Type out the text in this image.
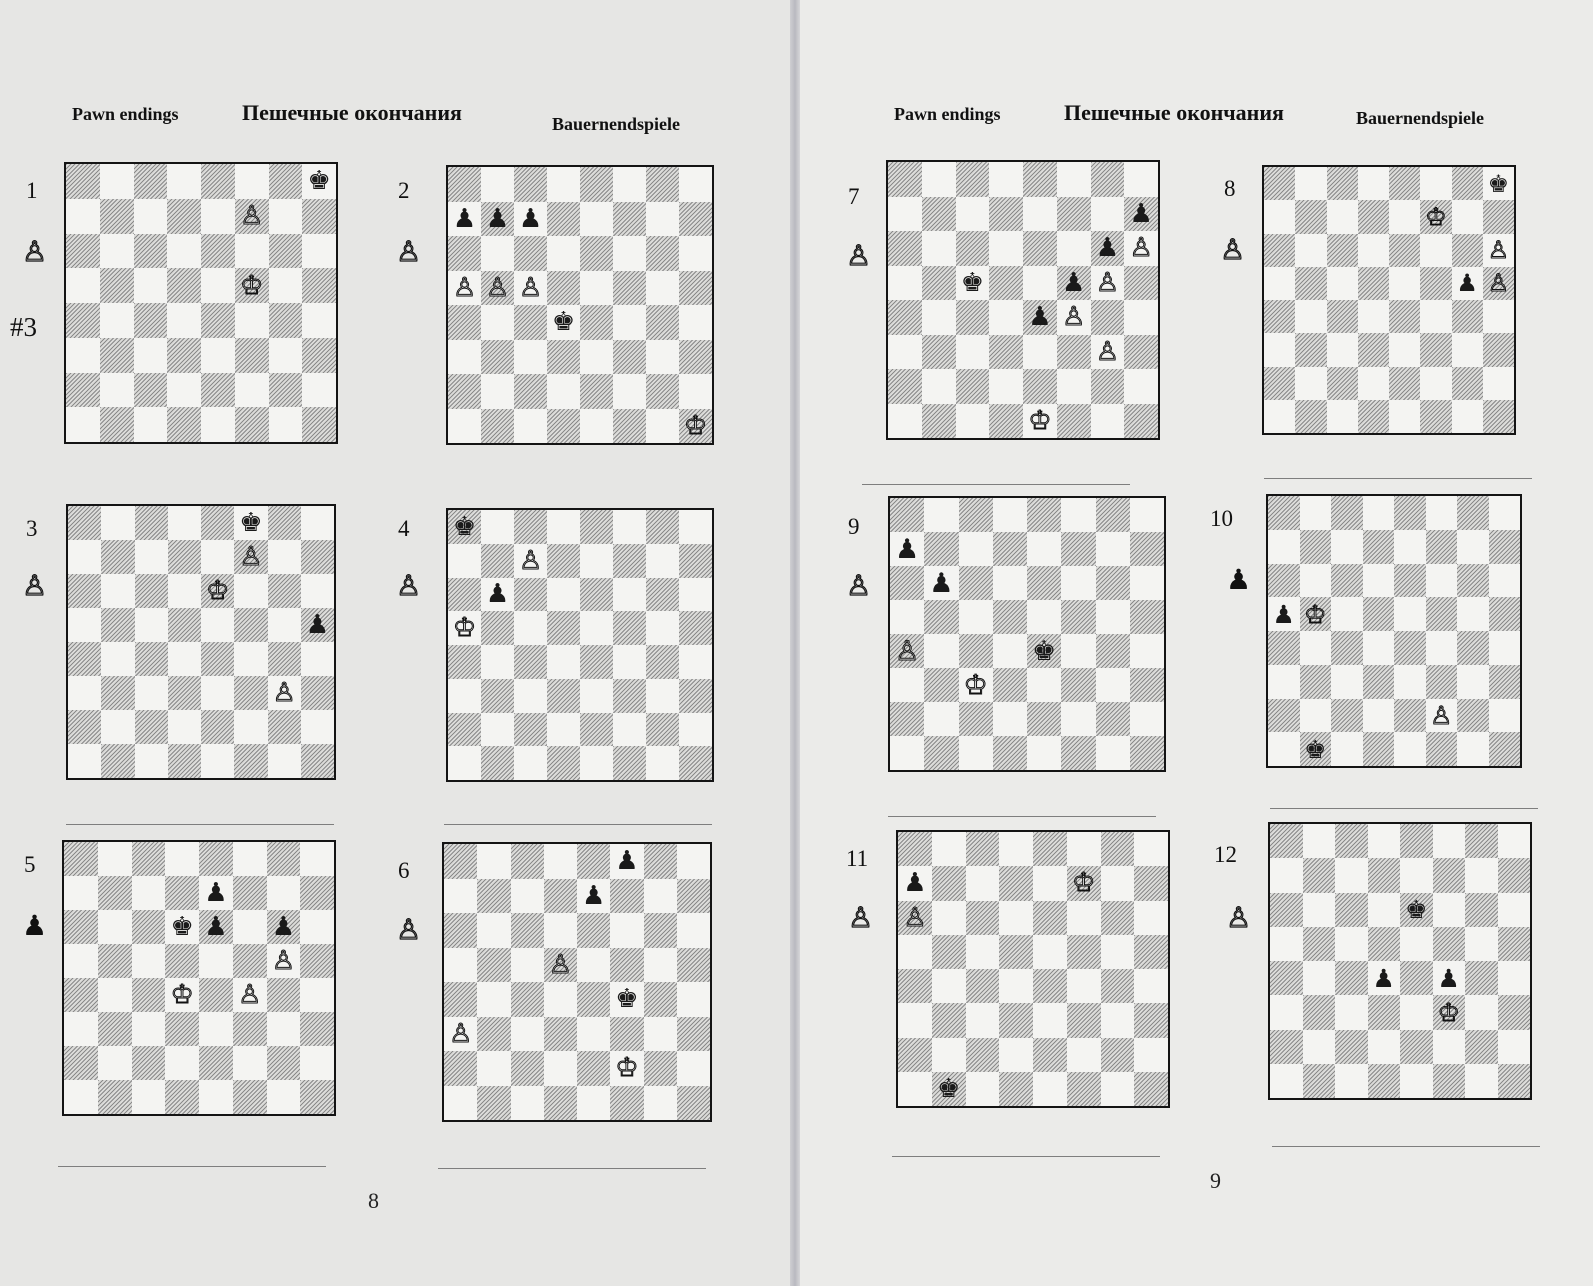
Pawn endings	Пешечные окончания	Bauernendspiele
1
♙
#3
♚
♙
♔
2
♙
♟ ♟ ♟
♙ ♙ ♙
♚
♔
3
♙
♚
♙
♔
♟
♙
4
♙
♚
♙
♟
♔
5
♟
♟
♚ ♟ ♟
♙
♔ ♙
6
♙
♟
♟
♙
♚
♙
♔
8
Pawn endings	Пешечные окончания	Bauernendspiele
7
♙
♟
♟ ♙
♚	♟ ♙
♟ ♙
♙
♔
8
♙
♚
♔
♙
♟ ♙
9
♙
♟
♟
♙	♚
♔
10
♟
♟ ♔
♙
♚
11
♙
♟	♔
♙
♚
12
♙	♚
♟ ♟
♔
9
